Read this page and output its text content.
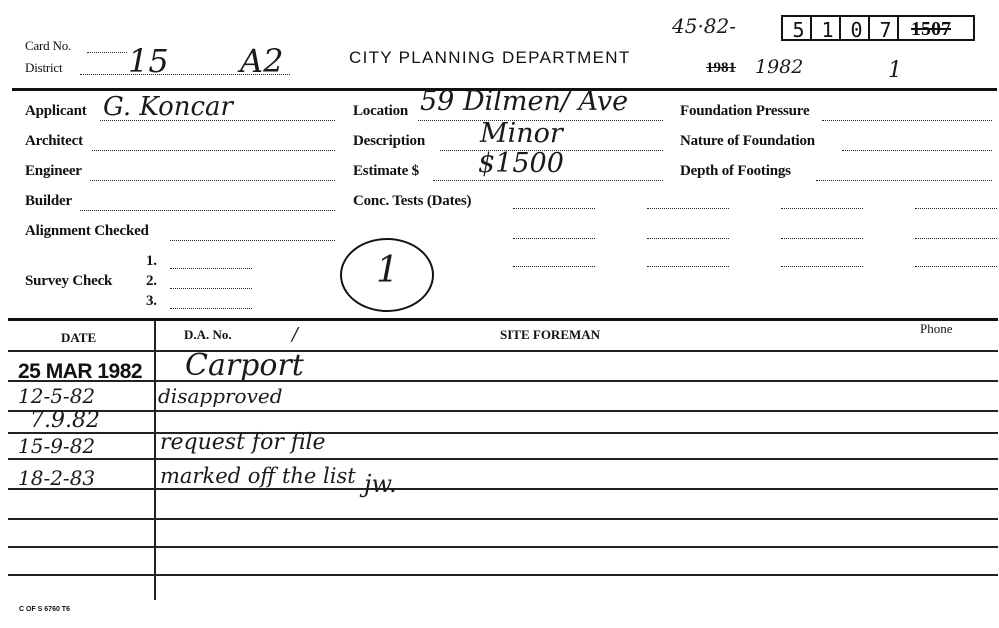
Card No.
District 15 A2	CITY PLANNING DEPARTMENT
45·82-	5 1 0 7 1507
1981 1982	1
Applicant G. Koncar
Architect
Engineer
Builder
Alignment Checked
Survey Check
1.
2.
3.
Location 59 Dilmen/ Ave
Description Minor
Estimate $ $1500
Conc. Tests (Dates)
1
Foundation Pressure
Nature of Foundation
Depth of Footings
DATE	D.A. No.	/	SITE FOREMAN	Phone
25 MAR 1982 Carport
12-5-82	disapproved
7.9.82
15-9-82	request for file
18-2-83	marked off the list jw.
C OF S 6760 T6
